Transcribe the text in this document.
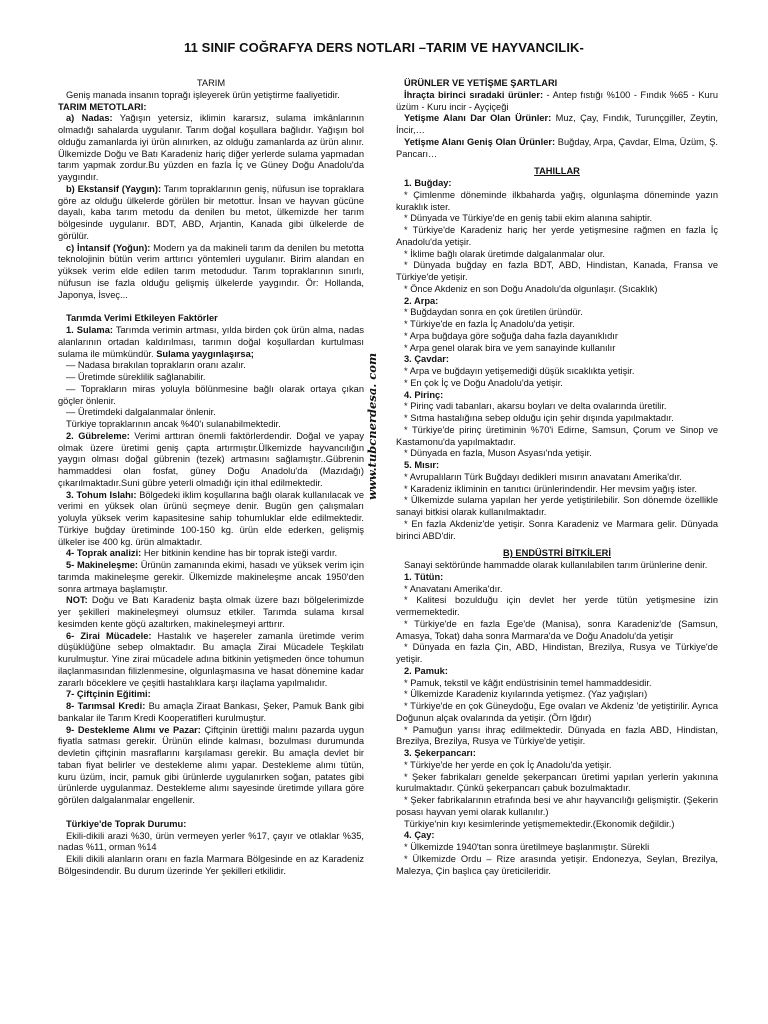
11 SINIF COĞRAFYA DERS NOTLARI –TARIM VE HAYVANCILIK-
www.tubcnerdesa. com

TARIM

Geniş manada insanın toprağı işleyerek ürün yetiştirme faaliyetidir.

TARIM METOTLARI:

a) Nadas: Yağışın yetersiz, iklimin kararsız, sulama imkânlarının olmadığı sahalarda uygulanır. Tarım doğal koşullara bağlıdır. Yağışın bol olduğu zamanlarda iyi ürün alınırken, az olduğu zamanlarda az ürün alınır. Ülkemizde Doğu ve Batı Karadeniz hariç diğer yerlerde sulama yapmadan tarım yapmak zordur.Bu yüzden en fazla İç ve Güney Doğu Anadolu'da yaygındır.

b) Ekstansif (Yaygın): Tarım topraklarının geniş, nüfusun ise topraklara göre az olduğu ülkelerde görülen bir metottur. İnsan ve hayvan gücüne dayalı, kaba tarım metodu da denilen bu metot, ülkemizde her tarım bölgesinde uygulanır. BDT, ABD, Arjantin, Kanada gibi ülkelerde de görülür.

c) İntansif (Yoğun): Modern ya da makineli tarım da denilen bu metotta teknolojinin bütün verim arttırıcı yöntemleri uygulanır. Birim alandan en yüksek verim elde edilen tarım metodudur. Tarım topraklarının sınırlı, nüfusun ise fazla olduğu gelişmiş ülkelerde yaygındır. Ör: Hollanda, Japonya, İsveç...

Tarımda Verimi Etkileyen Faktörler

1. Sulama: Tarımda verimin artması, yılda birden çok ürün alma, nadas alanlarının ortadan kaldırılması, tarımın doğal koşullardan kurtulması sulama ile mümkündür. Sulama yaygınlaşırsa;

— Nadasa bırakılan toprakların oranı azalır.

— Üretimde süreklilik sağlanabilir.

— Toprakların miras yoluyla bölünmesine bağlı olarak ortaya çıkan göçler önlenir.

— Üretimdeki dalgalanmalar önlenir.

Türkiye topraklarının ancak %40'ı sulanabilmektedir.

2. Gübreleme: Verimi arttıran önemli faktörlerdendir. Doğal ve yapay olmak üzere üretimi geniş çapta artırmıştır.Ülkemizde hayvancılığın yaygın olması doğal gübrenin (tezek) artmasını sağlamıştır..Gübrenin hammaddesi olan fosfat, güney Doğu Anadolu'da (Mazıdağı) çıkarılmaktadır.Suni gübre yeterli olmadığı için ithal edilmektedir.

3. Tohum Islahı: Bölgedeki iklim koşullarına bağlı olarak kullanılacak ve verimi en yüksek olan ürünü seçmeye denir. Bugün gen çalışmaları yoluyla yüksek verim kapasitesine sahip tohumluklar elde edilmektedir. Türkiye buğday üretiminde 100-150 kg. ürün elde ederken, gelişmiş ülkeler ise 400 kg. ürün almaktadır.

4- Toprak analizi: Her bitkinin kendine has bir toprak isteği vardır.

5- Makineleşme: Ürünün zamanında ekimi, hasadı ve yüksek verim için tarımda makineleşme gerekir. Ülkemizde makineleşme ancak 1950'den sonra artmaya başlamıştır.

NOT: Doğu ve Batı Karadeniz başta olmak üzere bazı bölgelerimizde yer şekilleri makineleşmeyi olumsuz etkiler. Tarımda sulama kırsal kesimden kente göçü azaltırken, makineleşmeyi arttırır.

6- Zirai Mücadele: Hastalık ve haşereler zamanla üretimde verim düşüklüğüne sebep olmaktadır. Bu amaçla Zirai Mücadele Teşkilatı kurulmuştur. Yine zirai mücadele adına bitkinin yetişmeden önce tohumun ilaçlanmasından filizlenmesine, olgunlaşmasına ve hasat dönemine kadar zararlı böceklere ve çeşitli hastalıklara karşı ilaçlama yapılmalıdır.

7- Çiftçinin Eğitimi:

8- Tarımsal Kredi: Bu amaçla Ziraat Bankası, Şeker, Pamuk Bank gibi bankalar ile Tarım Kredi Kooperatifleri kurulmuştur.

9- Destekleme Alımı ve Pazar: Çiftçinin ürettiği malını pazarda uygun fiyatla satması gerekir. Ürünün elinde kalması, bozulması durumunda devletin çiftçinin masraflarını karşılaması gerekir. Bu amaçla devlet bir taban fiyat belirler ve destekleme alımı yapar. Destekleme alımı tütün, kuru üzüm, incir, pamuk gibi ürünlerde uygulanırken soğan, patates gibi ürünlerde uygulanmaz. Destekleme alımı sayesinde üretimde yıllara göre görülen dalgalanmalar engellenir.

Türkiye'de Toprak Durumu:

Ekili-dikili arazi %30, ürün vermeyen yerler %17, çayır ve otlaklar %35, nadas %11, orman %14

Ekili dikili alanların oranı en fazla Marmara Bölgesinde en az Karadeniz Bölgesindendir. Bu durum üzerinde Yer şekilleri etkilidir.

ÜRÜNLER VE YETİŞME ŞARTLARI

İhraçta birinci sıradaki ürünler: - Antep fıstığı %100 - Fındık %65 - Kuru üzüm - Kuru incir - Ayçiçeği

Yetişme Alanı Dar Olan Ürünler: Muz, Çay, Fındık, Turunçgiller, Zeytin, İncir,…

Yetişme Alanı Geniş Olan Ürünler: Buğday, Arpa, Çavdar, Elma, Üzüm, Ş. Pancarı…

TAHILLAR

1. Buğday:

* Çimlenme döneminde ilkbaharda yağış, olgunlaşma döneminde yazın kuraklık ister.

* Dünyada ve Türkiye'de en geniş tabii ekim alanına sahiptir.

* Türkiye'de Karadeniz hariç her yerde yetişmesine rağmen en fazla İç Anadolu'da yetişir.

* İklime bağlı olarak üretimde dalgalanmalar olur.

* Dünyada buğday en fazla BDT, ABD, Hindistan, Kanada, Fransa ve Türkiye'de yetişir.

* Önce Akdeniz en son Doğu Anadolu'da olgunlaşır. (Sıcaklık)

2. Arpa:

* Buğdaydan sonra en çok üretilen üründür.

* Türkiye'de en fazla İç Anadolu'da yetişir.

* Arpa buğdaya göre soğuğa daha fazla dayanıklıdır

* Arpa genel olarak bira ve yem sanayinde kullanılır

3. Çavdar:

* Arpa ve buğdayın yetişemediği düşük sıcaklıkta yetişir.

* En çok İç ve Doğu Anadolu'da yetişir.

4. Pirinç:

* Pirinç vadi tabanları, akarsu boyları ve delta ovalarında üretilir.

* Sıtma hastalığına sebep olduğu için şehir dışında yapılmaktadır.

* Türkiye'de pirinç üretiminin %70'i Edirne, Samsun, Çorum ve Sinop ve Kastamonu'da yapılmaktadır.

* Dünyada en fazla, Muson Asyası'nda yetişir.

5. Mısır:

* Avrupalıların Türk Buğdayı dedikleri mısırın anavatanı Amerika'dır.

* Karadeniz ikliminin en tanıtıcı ürünlerindendir. Her mevsim yağış ister.

* Ülkemizde sulama yapılan her yerde yetiştirilebilir. Son dönemde özellikle sanayi bitkisi olarak kullanılmaktadır.

* En fazla Akdeniz'de yetişir. Sonra Karadeniz ve Marmara gelir. Dünyada birinci ABD'dir.

B) ENDÜSTRİ BİTKİLERİ

Sanayi sektöründe hammadde olarak kullanılabilen tarım ürünlerine denir.

1. Tütün:

* Anavatanı Amerika'dır.

* Kalitesi bozulduğu için devlet her yerde tütün yetişmesine izin vermemektedir.

* Türkiye'de en fazla Ege'de (Manisa), sonra Karadeniz'de (Samsun, Amasya, Tokat) daha sonra Marmara'da ve Doğu Anadolu'da yetişir

* Dünyada en fazla Çin, ABD, Hindistan, Brezilya, Rusya ve Türkiye'de yetişir.

2. Pamuk:

* Pamuk, tekstil ve kâğıt endüstrisinin temel hammaddesidir.

* Ülkemizde Karadeniz kıyılarında yetişmez. (Yaz yağışları)

* Türkiye'de en çok Güneydoğu, Ege ovaları ve Akdeniz 'de yetiştirilir. Ayrıca Doğunun alçak ovalarında da yetişir. (Örn Iğdır)

* Pamuğun yarısı ihraç edilmektedir. Dünyada en fazla ABD, Hindistan, Brezilya, Brezilya, Rusya ve Türkiye'de yetişir.

3. Şekerpancarı:

* Türkiye'de her yerde en çok İç Anadolu'da yetişir.

* Şeker fabrikaları genelde şekerpancarı üretimi yapılan yerlerin yakınına kurulmaktadır. Çünkü şekerpancarı çabuk bozulmaktadır.

* Şeker fabrikalarının etrafında besi ve ahır hayvancılığı gelişmiştir. (Şekerin posası hayvan yemi olarak kullanılır.)

Türkiye'nin kıyı kesimlerinde yetişmemektedir.(Ekonomik değildir.)

4. Çay:

* Ülkemizde 1940'tan sonra üretilmeye başlanmıştır. Sürekli

* Ülkemizde Ordu – Rize arasında yetişir. Endonezya, Seylan, Brezilya, Malezya, Çin başlıca çay üreticileridir.
